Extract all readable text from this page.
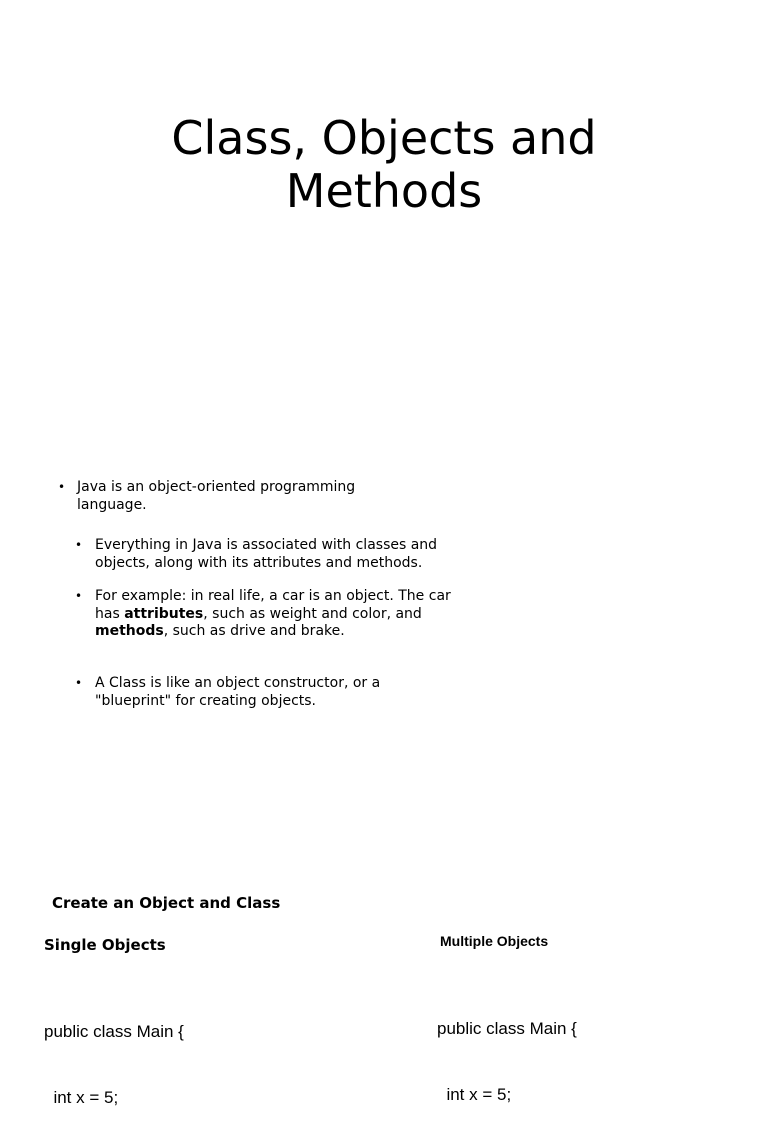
Class, Objects and
Methods
• Java is an object-oriented programming language.
• Everything in Java is associated with classes and objects, along with its attributes and methods.
• For example: in real life, a car is an object. The car has attributes, such as weight and color, and methods, such as drive and brake.
• A Class is like an object constructor, or a "blueprint" for creating objects.
Create an Object and Class
Single Objects	Multiple Objects

public class Main {

int x = 5;

public class Main {

int x = 5;
